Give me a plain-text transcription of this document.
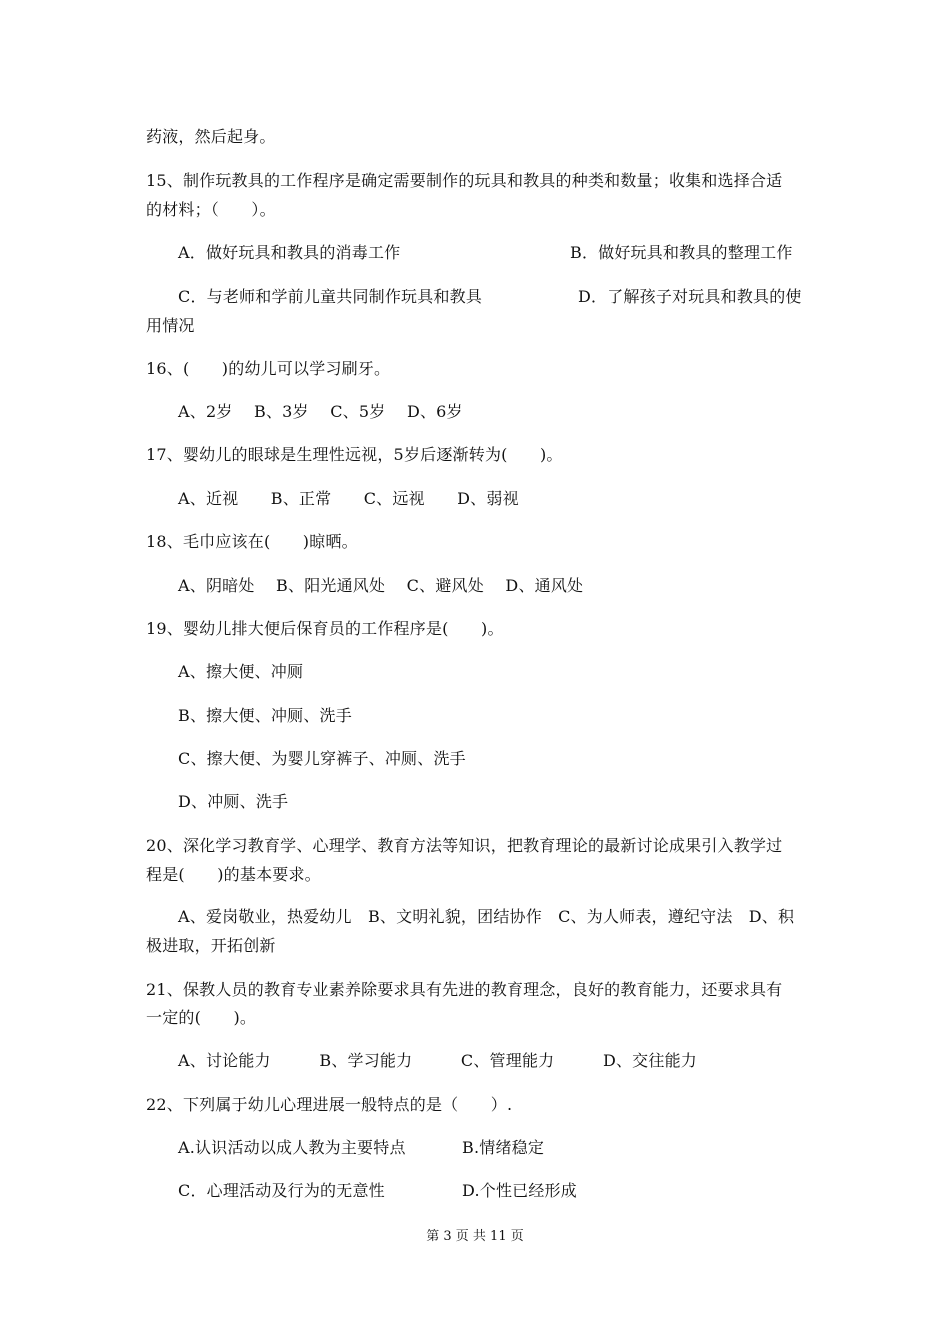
药液，然后起身。
15、制作玩教具的工作程序是确定需要制作的玩具和教具的种类和数量；收集和选择合适
的材料；（　　）。
A．做好玩具和教具的消毒工作	B．做好玩具和教具的整理工作
C．与老师和学前儿童共同制作玩具和教具	D．了解孩子对玩具和教具的使
用情况
16、(　　)的幼儿可以学习刷牙。
A、2岁　 B、3岁　 C、5岁　 D、6岁
17、婴幼儿的眼球是生理性远视，5岁后逐渐转为(　　)。
A、近视　　B、正常　　C、远视　　D、弱视
18、毛巾应该在(　　)晾晒。
A、阴暗处　 B、阳光通风处　 C、避风处　 D、通风处
19、婴幼儿排大便后保育员的工作程序是(　　)。
A、擦大便、冲厕
B、擦大便、冲厕、洗手
C、擦大便、为婴儿穿裤子、冲厕、洗手
D、冲厕、洗手
20、深化学习教育学、心理学、教育方法等知识，把教育理论的最新讨论成果引入教学过
程是(　　)的基本要求。
A、爱岗敬业，热爱幼儿　B、文明礼貌，团结协作　C、为人师表，遵纪守法　D、积
极进取，开拓创新
21、保教人员的教育专业素养除要求具有先进的教育理念，良好的教育能力，还要求具有
一定的(　　)。
A、讨论能力　　　B、学习能力　　　C、管理能力　　　D、交往能力
22、下列属于幼儿心理进展一般特点的是（　　）.
A.认识活动以成人教为主要特点	B.情绪稳定
C．心理活动及行为的无意性	D.个性已经形成
第 3 页 共 11 页
